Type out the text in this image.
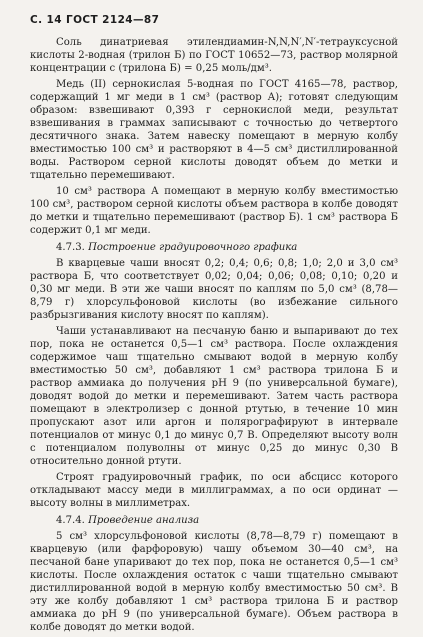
С. 14 ГОСТ 2124—87

Соль динатриевая этилендиамин-N,N,N′,N′-тетрауксусной кислоты 2-водная (трилон Б) по ГОСТ 10652—73, раствор молярной концентрации с (трилона Б) = 0,25 моль/дм³.

Медь (II) сернокислая 5-водная по ГОСТ 4165—78, раствор, содержащий 1 мг меди в 1 см³ (раствор А); готовят следующим образом: взвешивают 0,393 г сернокислой меди, результат взвешивания в граммах записывают с точностью до четвертого десятичного знака. Затем навеску помещают в мерную колбу вместимостью 100 см³ и растворяют в 4—5 см³ дистиллированной воды. Раствором серной кислоты доводят объем до метки и тщательно перемешивают.

10 см³ раствора А помещают в мерную колбу вместимостью 100 см³, раствором серной кислоты объем раствора в колбе доводят до метки и тщательно перемешивают (раствор Б). 1 см³ раствора Б содержит 0,1 мг меди.

4.7.3. Построение градуировочного графика

В кварцевые чаши вносят 0,2; 0,4; 0,6; 0,8; 1,0; 2,0 и 3,0 см³ раствора Б, что соответствует 0,02; 0,04; 0,06; 0,08; 0,10; 0,20 и 0,30 мг меди. В эти же чаши вносят по каплям по 5,0 см³ (8,78—8,79 г) хлорсульфоновой кислоты (во избежание сильного разбрызгивания кислоту вносят по каплям).

Чаши устанавливают на песчаную баню и выпаривают до тех пор, пока не останется 0,5—1 см³ раствора. После охлаждения содержимое чаш тщательно смывают водой в мерную колбу вместимостью 50 см³, добавляют 1 см³ раствора трилона Б и раствор аммиака до получения pH 9 (по универсальной бумаге), доводят водой до метки и перемешивают. Затем часть раствора помещают в электролизер с донной ртутью, в течение 10 мин пропускают азот или аргон и полярографируют в интервале потенциалов от минус 0,1 до минус 0,7 В. Определяют высоту волн с потенциалом полуволны от минус 0,25 до минус 0,30 В относительно донной ртути.

Строят градуировочный график, по оси абсцисс которого откладывают массу меди в миллиграммах, а по оси ординат — высоту волны в миллиметрах.

4.7.4. Проведение анализа

5 см³ хлорсульфоновой кислоты (8,78—8,79 г) помещают в кварцевую (или фарфоровую) чашу объемом 30—40 см³, на песчаной бане упаривают до тех пор, пока не останется 0,5—1 см³ кислоты. После охлаждения остаток с чаши тщательно смывают дистиллированной водой в мерную колбу вместимостью 50 см³. В эту же колбу добавляют 1 см³ раствора трилона Б и раствор аммиака до pH 9 (по универсальной бумаге). Объем раствора в колбе доводят до метки водой.
